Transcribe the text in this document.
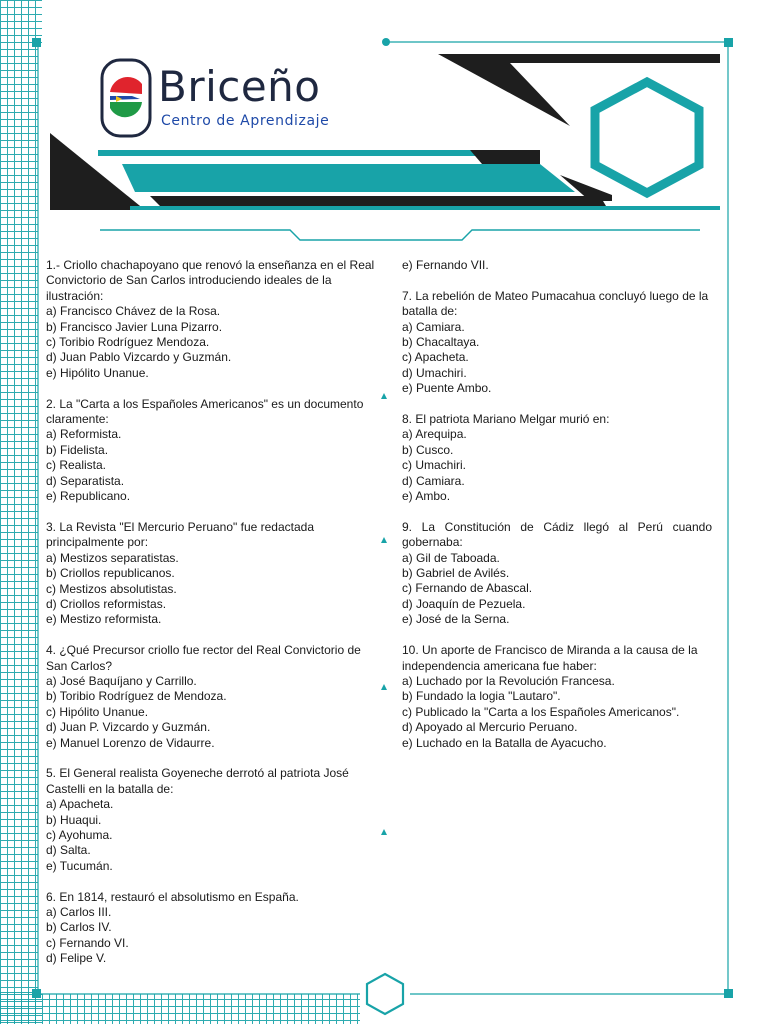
Briceño
Centro de Aprendizaje

1.- Criollo chachapoyano que renovó la enseñanza en el Real Convictorio de San Carlos introduciendo ideales de la ilustración:

a) Francisco Chávez de la Rosa.

b) Francisco Javier Luna Pizarro.

c) Toribio Rodríguez Mendoza.

d) Juan Pablo Vizcardo y Guzmán.

e) Hipólito Unanue.

2. La "Carta a los Españoles Americanos" es un documento claramente:

a) Reformista.

b) Fidelista.

c) Realista.

d) Separatista.

e) Republicano.

3. La Revista "El Mercurio Peruano" fue redactada principalmente por:

a) Mestizos separatistas.

b) Criollos republicanos.

c) Mestizos absolutistas.

d) Criollos reformistas.

e) Mestizo reformista.

4. ¿Qué Precursor criollo fue rector del Real Convictorio de San Carlos?

a) José Baquíjano y Carrillo.

b) Toribio Rodríguez de Mendoza.

c) Hipólito Unanue.

d) Juan P. Vizcardo y Guzmán.

e) Manuel Lorenzo de Vidaurre.

5. El General realista Goyeneche derrotó al patriota José Castelli en la batalla de:

a) Apacheta.

b) Huaqui.

c) Ayohuma.

d) Salta.

e) Tucumán.

6. En 1814, restauró el absolutismo en España.

a) Carlos III.

b) Carlos IV.

c) Fernando VI.

d) Felipe V.

e) Fernando VII.

7. La rebelión de Mateo Pumacahua concluyó luego de la batalla de:

a) Camiara.

b) Chacaltaya.

c) Apacheta.

d) Umachiri.

e) Puente Ambo.

8. El patriota Mariano Melgar murió en:

a) Arequipa.

b) Cusco.

c) Umachiri.

d) Camiara.

e) Ambo.

9. La Constitución de Cádiz llegó al Perú cuando gobernaba:

a) Gil de Taboada.

b) Gabriel de Avilés.

c) Fernando de Abascal.

d) Joaquín de Pezuela.

e) José de la Serna.

10. Un aporte de Francisco de Miranda a la causa de la independencia americana fue haber:

a) Luchado por la Revolución Francesa.

b) Fundado la logia "Lautaro".

c) Publicado la "Carta a los Españoles Americanos".

d) Apoyado al Mercurio Peruano.

e) Luchado en la Batalla de Ayacucho.
